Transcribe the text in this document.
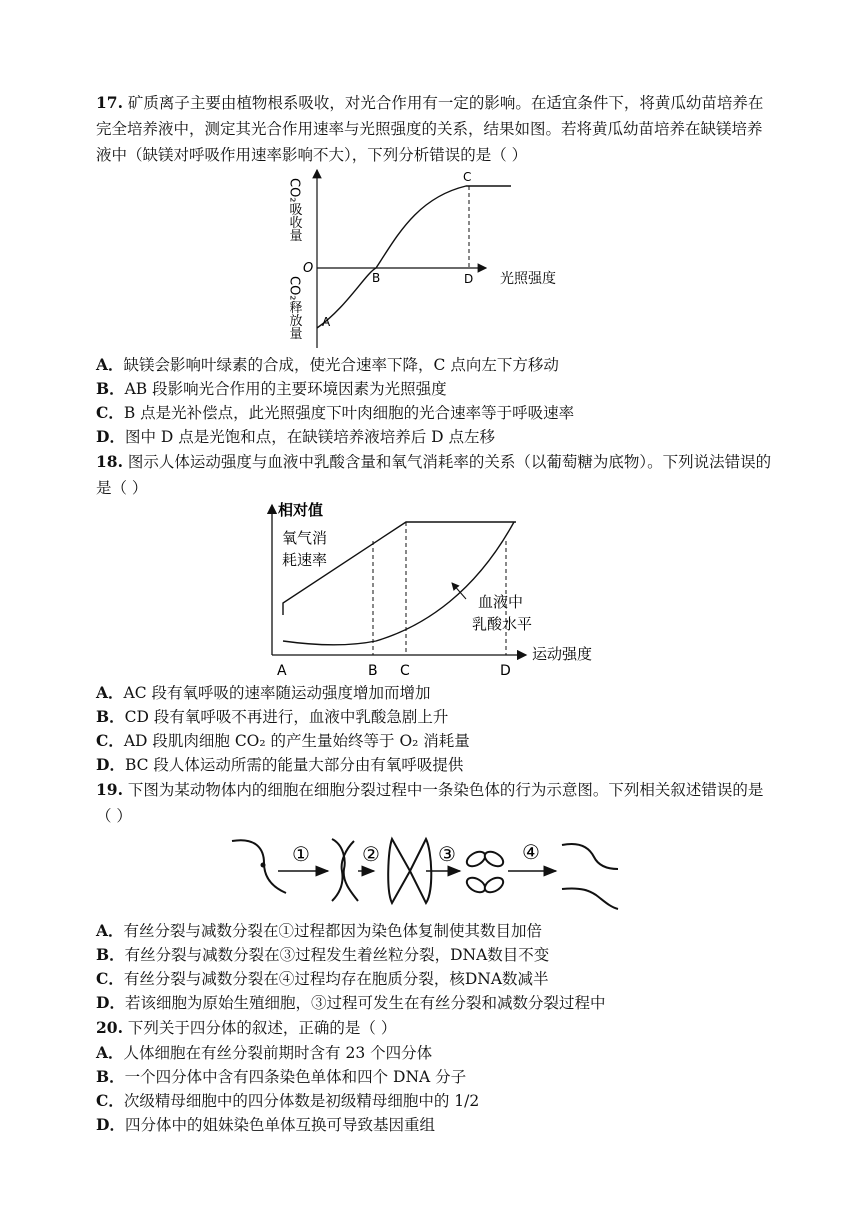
17. 矿质离子主要由植物根系吸收，对光合作用有一定的影响。在适宜条件下，将黄瓜幼苗培养在完全培养液中，测定其光合作用速率与光照强度的关系，结果如图。若将黄瓜幼苗培养在缺镁培养液中（缺镁对呼吸作用速率影响不大），下列分析错误的是（ ）

CO₂吸收量
CO₂释放量
O
A
B
C
D 光照强度

A．缺镁会影响叶绿素的合成，使光合速率下降，C 点向左下方移动

B．AB 段影响光合作用的主要环境因素为光照强度

C．B 点是光补偿点，此光照强度下叶肉细胞的光合速率等于呼吸速率

D．图中 D 点是光饱和点，在缺镁培养液培养后 D 点左移

18. 图示人体运动强度与血液中乳酸含量和氧气消耗率的关系（以葡萄糖为底物）。下列说法错误的是（ ）

相对值
氧气消
耗速率
血液中
乳酸水平
A	B C	D
运动强度

A．AC 段有氧呼吸的速率随运动强度增加而增加

B．CD 段有氧呼吸不再进行，血液中乳酸急剧上升

C．AD 段肌肉细胞 CO₂ 的产生量始终等于 O₂ 消耗量

D．BC 段人体运动所需的能量大部分由有氧呼吸提供

19. 下图为某动物体内的细胞在细胞分裂过程中一条染色体的行为示意图。下列相关叙述错误的是（ ）

①	②	③	④

A．有丝分裂与减数分裂在①过程都因为染色体复制使其数目加倍

B．有丝分裂与减数分裂在③过程发生着丝粒分裂，DNA数目不变

C．有丝分裂与减数分裂在④过程均存在胞质分裂，核DNA数减半

D．若该细胞为原始生殖细胞，③过程可发生在有丝分裂和减数分裂过程中

20. 下列关于四分体的叙述，正确的是（ ）

A．人体细胞在有丝分裂前期时含有 23 个四分体

B．一个四分体中含有四条染色单体和四个 DNA 分子

C．次级精母细胞中的四分体数是初级精母细胞中的 1/2

D．四分体中的姐妹染色单体互换可导致基因重组
